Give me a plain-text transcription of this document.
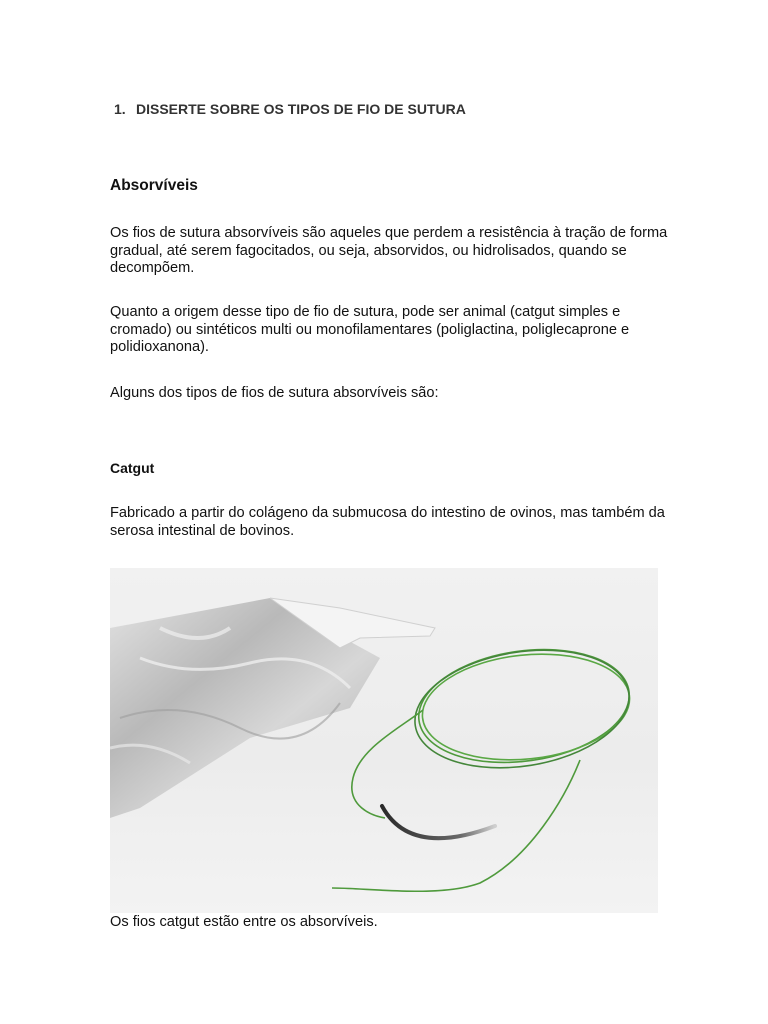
1. DISSERTE SOBRE OS TIPOS DE FIO DE SUTURA
Absorvíveis
Os fios de sutura absorvíveis são aqueles que perdem a resistência à tração de forma gradual, até serem fagocitados, ou seja, absorvidos, ou hidrolisados, quando se decompõem.
Quanto a origem desse tipo de fio de sutura, pode ser animal (catgut simples e cromado) ou sintéticos multi ou monofilamentares (poliglactina, poliglecaprone e polidioxanona).
Alguns dos tipos de fios de sutura absorvíveis são:
Catgut
Fabricado a partir do colágeno da submucosa do intestino de ovinos, mas também da serosa intestinal de bovinos.
Os fios catgut estão entre os absorvíveis.
